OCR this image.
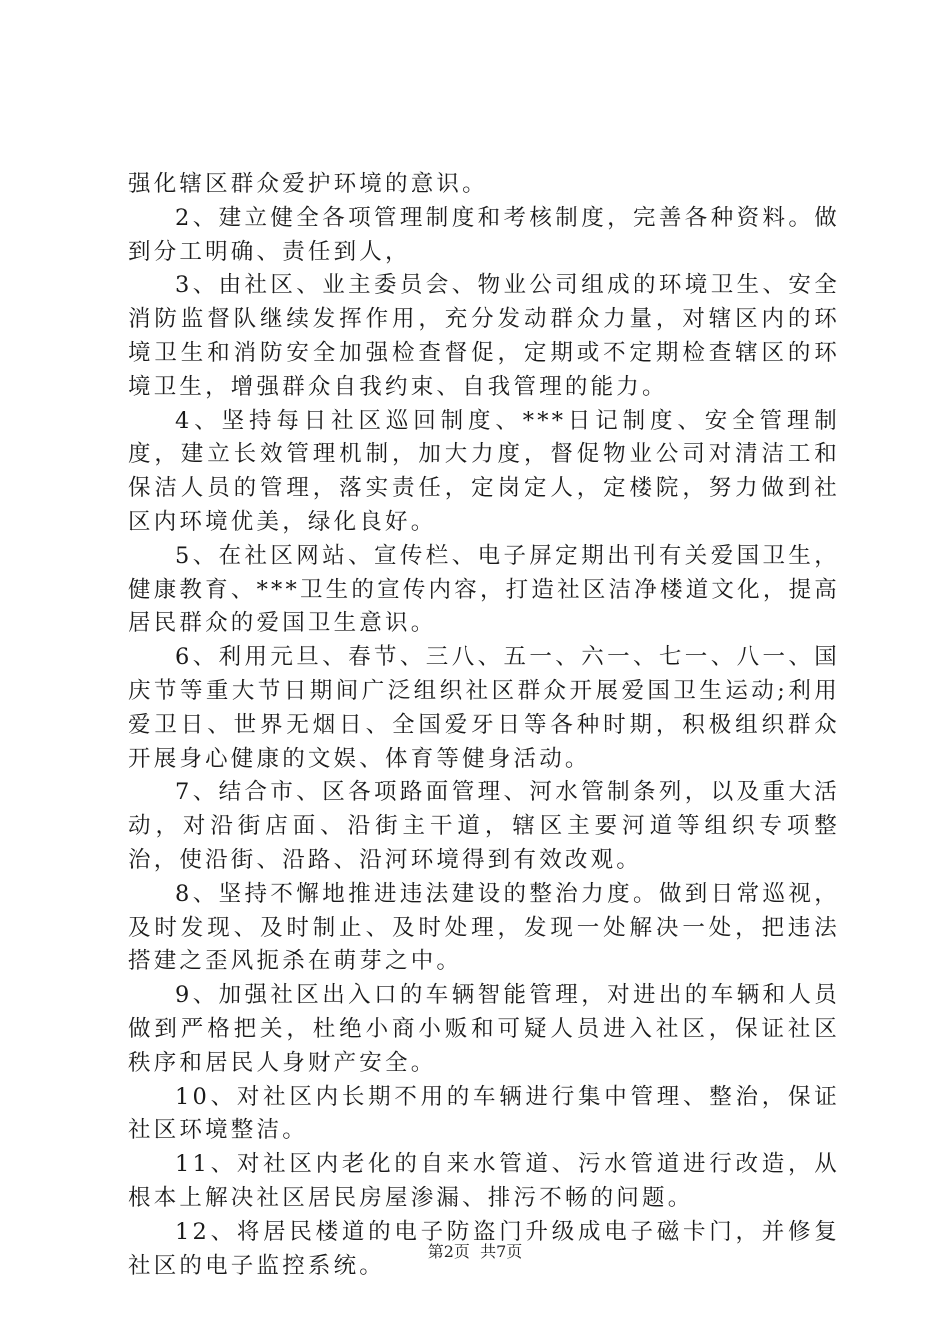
强化辖区群众爱护环境的意识。

2、建立健全各项管理制度和考核制度，完善各种资料。做到分工明确、责任到人，

3、由社区、业主委员会、物业公司组成的环境卫生、安全消防监督队继续发挥作用，充分发动群众力量，对辖区内的环境卫生和消防安全加强检查督促，定期或不定期检查辖区的环境卫生，增强群众自我约束、自我管理的能力。

4、坚持每日社区巡回制度、***日记制度、安全管理制度，建立长效管理机制，加大力度，督促物业公司对清洁工和保洁人员的管理，落实责任，定岗定人，定楼院，努力做到社区内环境优美，绿化良好。

5、在社区网站、宣传栏、电子屏定期出刊有关爱国卫生，健康教育、***卫生的宣传内容，打造社区洁净楼道文化，提高居民群众的爱国卫生意识。

6、利用元旦、春节、三八、五一、六一、七一、八一、国庆节等重大节日期间广泛组织社区群众开展爱国卫生运动;利用爱卫日、世界无烟日、全国爱牙日等各种时期，积极组织群众开展身心健康的文娱、体育等健身活动。

7、结合市、区各项路面管理、河水管制条列，以及重大活动，对沿街店面、沿街主干道，辖区主要河道等组织专项整治，使沿街、沿路、沿河环境得到有效改观。

8、坚持不懈地推进违法建设的整治力度。做到日常巡视，及时发现、及时制止、及时处理，发现一处解决一处，把违法搭建之歪风扼杀在萌芽之中。

9、加强社区出入口的车辆智能管理，对进出的车辆和人员做到严格把关，杜绝小商小贩和可疑人员进入社区，保证社区秩序和居民人身财产安全。

10、对社区内长期不用的车辆进行集中管理、整治，保证社区环境整洁。

11、对社区内老化的自来水管道、污水管道进行改造，从根本上解决社区居民房屋渗漏、排污不畅的问题。

12、将居民楼道的电子防盗门升级成电子磁卡门，并修复社区的电子监控系统。

第2页  共7页
